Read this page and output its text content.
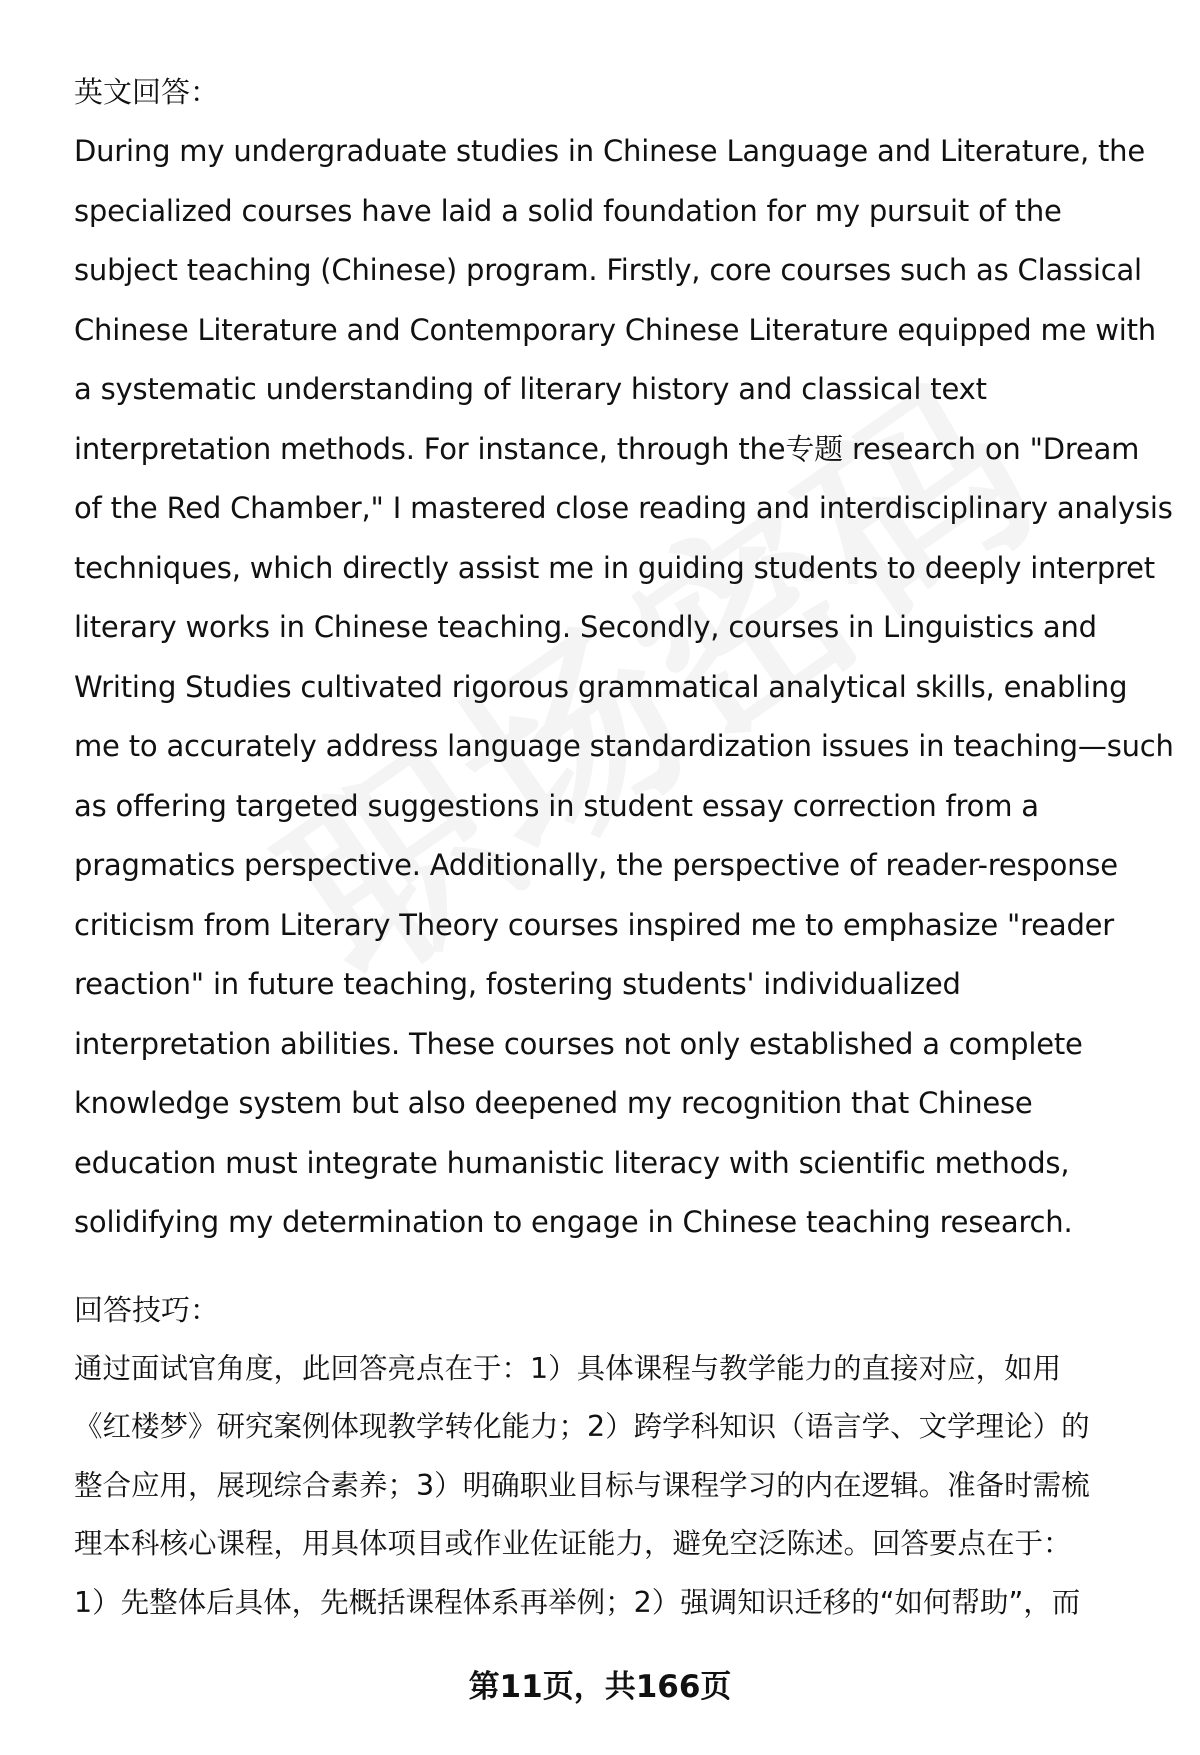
英文回答：

During my undergraduate studies in Chinese Language and Literature, the
specialized courses have laid a solid foundation for my pursuit of the
subject teaching (Chinese) program. Firstly, core courses such as Classical
Chinese Literature and Contemporary Chinese Literature equipped me with
a systematic understanding of literary history and classical text
interpretation methods. For instance, through the专题 research on "Dream
of the Red Chamber," I mastered close reading and interdisciplinary analysis
techniques, which directly assist me in guiding students to deeply interpret
literary works in Chinese teaching. Secondly, courses in Linguistics and
Writing Studies cultivated rigorous grammatical analytical skills, enabling
me to accurately address language standardization issues in teaching—such
as offering targeted suggestions in student essay correction from a
pragmatics perspective. Additionally, the perspective of reader-response
criticism from Literary Theory courses inspired me to emphasize "reader
reaction" in future teaching, fostering students' individualized
interpretation abilities. These courses not only established a complete
knowledge system but also deepened my recognition that Chinese
education must integrate humanistic literacy with scientific methods,
solidifying my determination to engage in Chinese teaching research.

回答技巧：

通过面试官角度，此回答亮点在于：1）具体课程与教学能力的直接对应，如用
《红楼梦》研究案例体现教学转化能力；2）跨学科知识（语言学、文学理论）的
整合应用，展现综合素养；3）明确职业目标与课程学习的内在逻辑。准备时需梳
理本科核心课程，用具体项目或作业佐证能力，避免空泛陈述。回答要点在于：
1）先整体后具体，先概括课程体系再举例；2）强调知识迁移的“如何帮助”，而

第11页，共166页
